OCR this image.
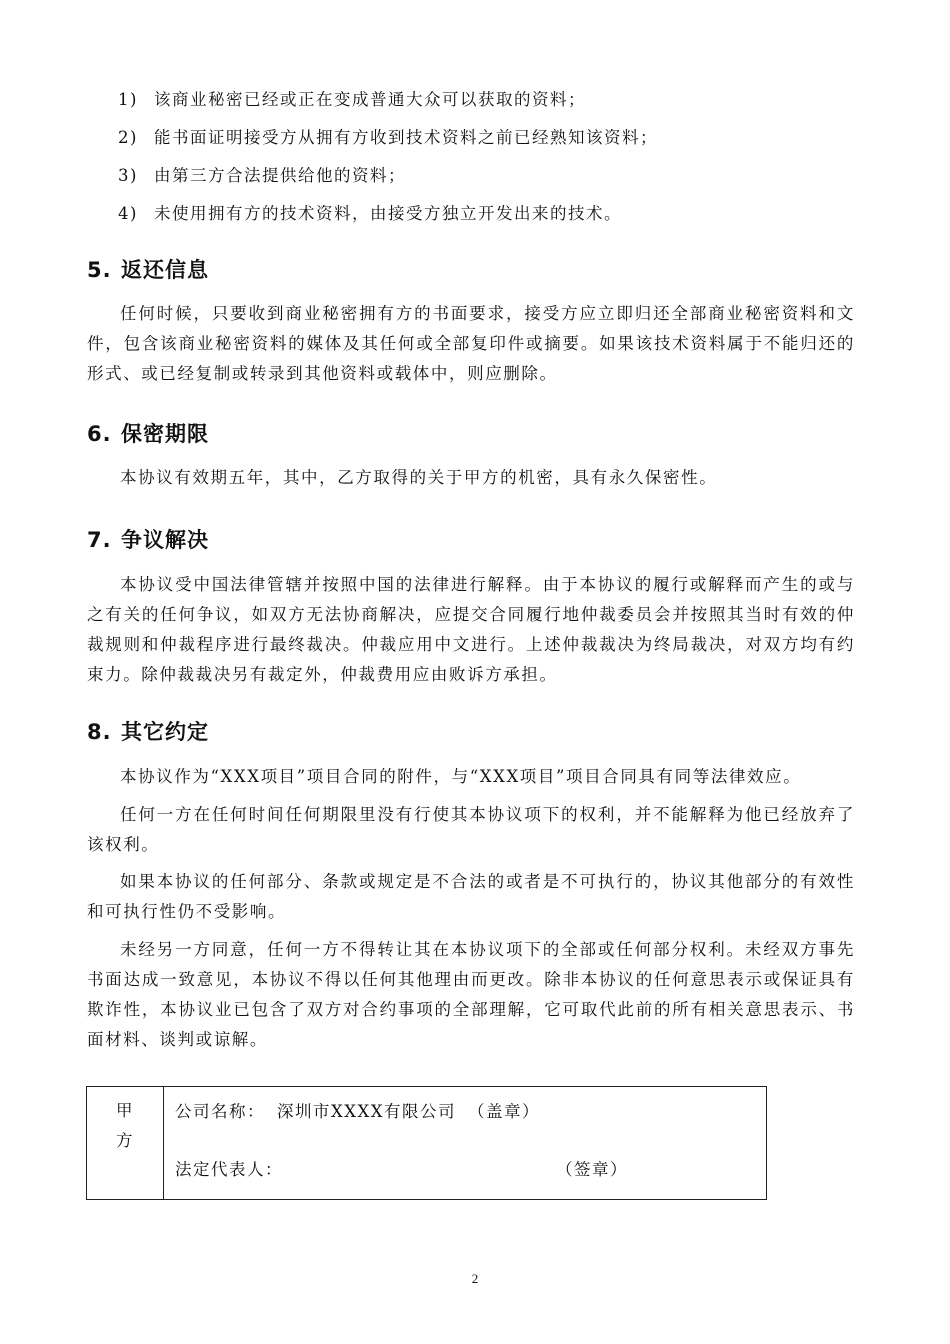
1) 该商业秘密已经或正在变成普通大众可以获取的资料；
2) 能书面证明接受方从拥有方收到技术资料之前已经熟知该资料；
3) 由第三方合法提供给他的资料；
4) 未使用拥有方的技术资料，由接受方独立开发出来的技术。
5. 返还信息
任何时候，只要收到商业秘密拥有方的书面要求，接受方应立即归还全部商业秘密资料和文件，包含该商业秘密资料的媒体及其任何或全部复印件或摘要。如果该技术资料属于不能归还的形式、或已经复制或转录到其他资料或载体中，则应删除。
6. 保密期限
本协议有效期五年，其中，乙方取得的关于甲方的机密，具有永久保密性。
7. 争议解决
本协议受中国法律管辖并按照中国的法律进行解释。由于本协议的履行或解释而产生的或与之有关的任何争议，如双方无法协商解决，应提交合同履行地仲裁委员会并按照其当时有效的仲裁规则和仲裁程序进行最终裁决。仲裁应用中文进行。上述仲裁裁决为终局裁决，对双方均有约束力。除仲裁裁决另有裁定外，仲裁费用应由败诉方承担。
8. 其它约定
本协议作为“XXX项目”项目合同的附件，与“XXX项目”项目合同具有同等法律效应。
任何一方在任何时间任何期限里没有行使其本协议项下的权利，并不能解释为他已经放弃了该权利。
如果本协议的任何部分、条款或规定是不合法的或者是不可执行的，协议其他部分的有效性和可执行性仍不受影响。
未经另一方同意，任何一方不得转让其在本协议项下的全部或任何部分权利。未经双方事先书面达成一致意见，本协议不得以任何其他理由而更改。除非本协议的任何意思表示或保证具有欺诈性，本协议业已包含了双方对合约事项的全部理解，它可取代此前的所有相关意思表示、书面材料、谈判或谅解。
甲
方

公司名称： 深圳市XXXX有限公司 （盖章）
法定代表人：	（签章）
2
